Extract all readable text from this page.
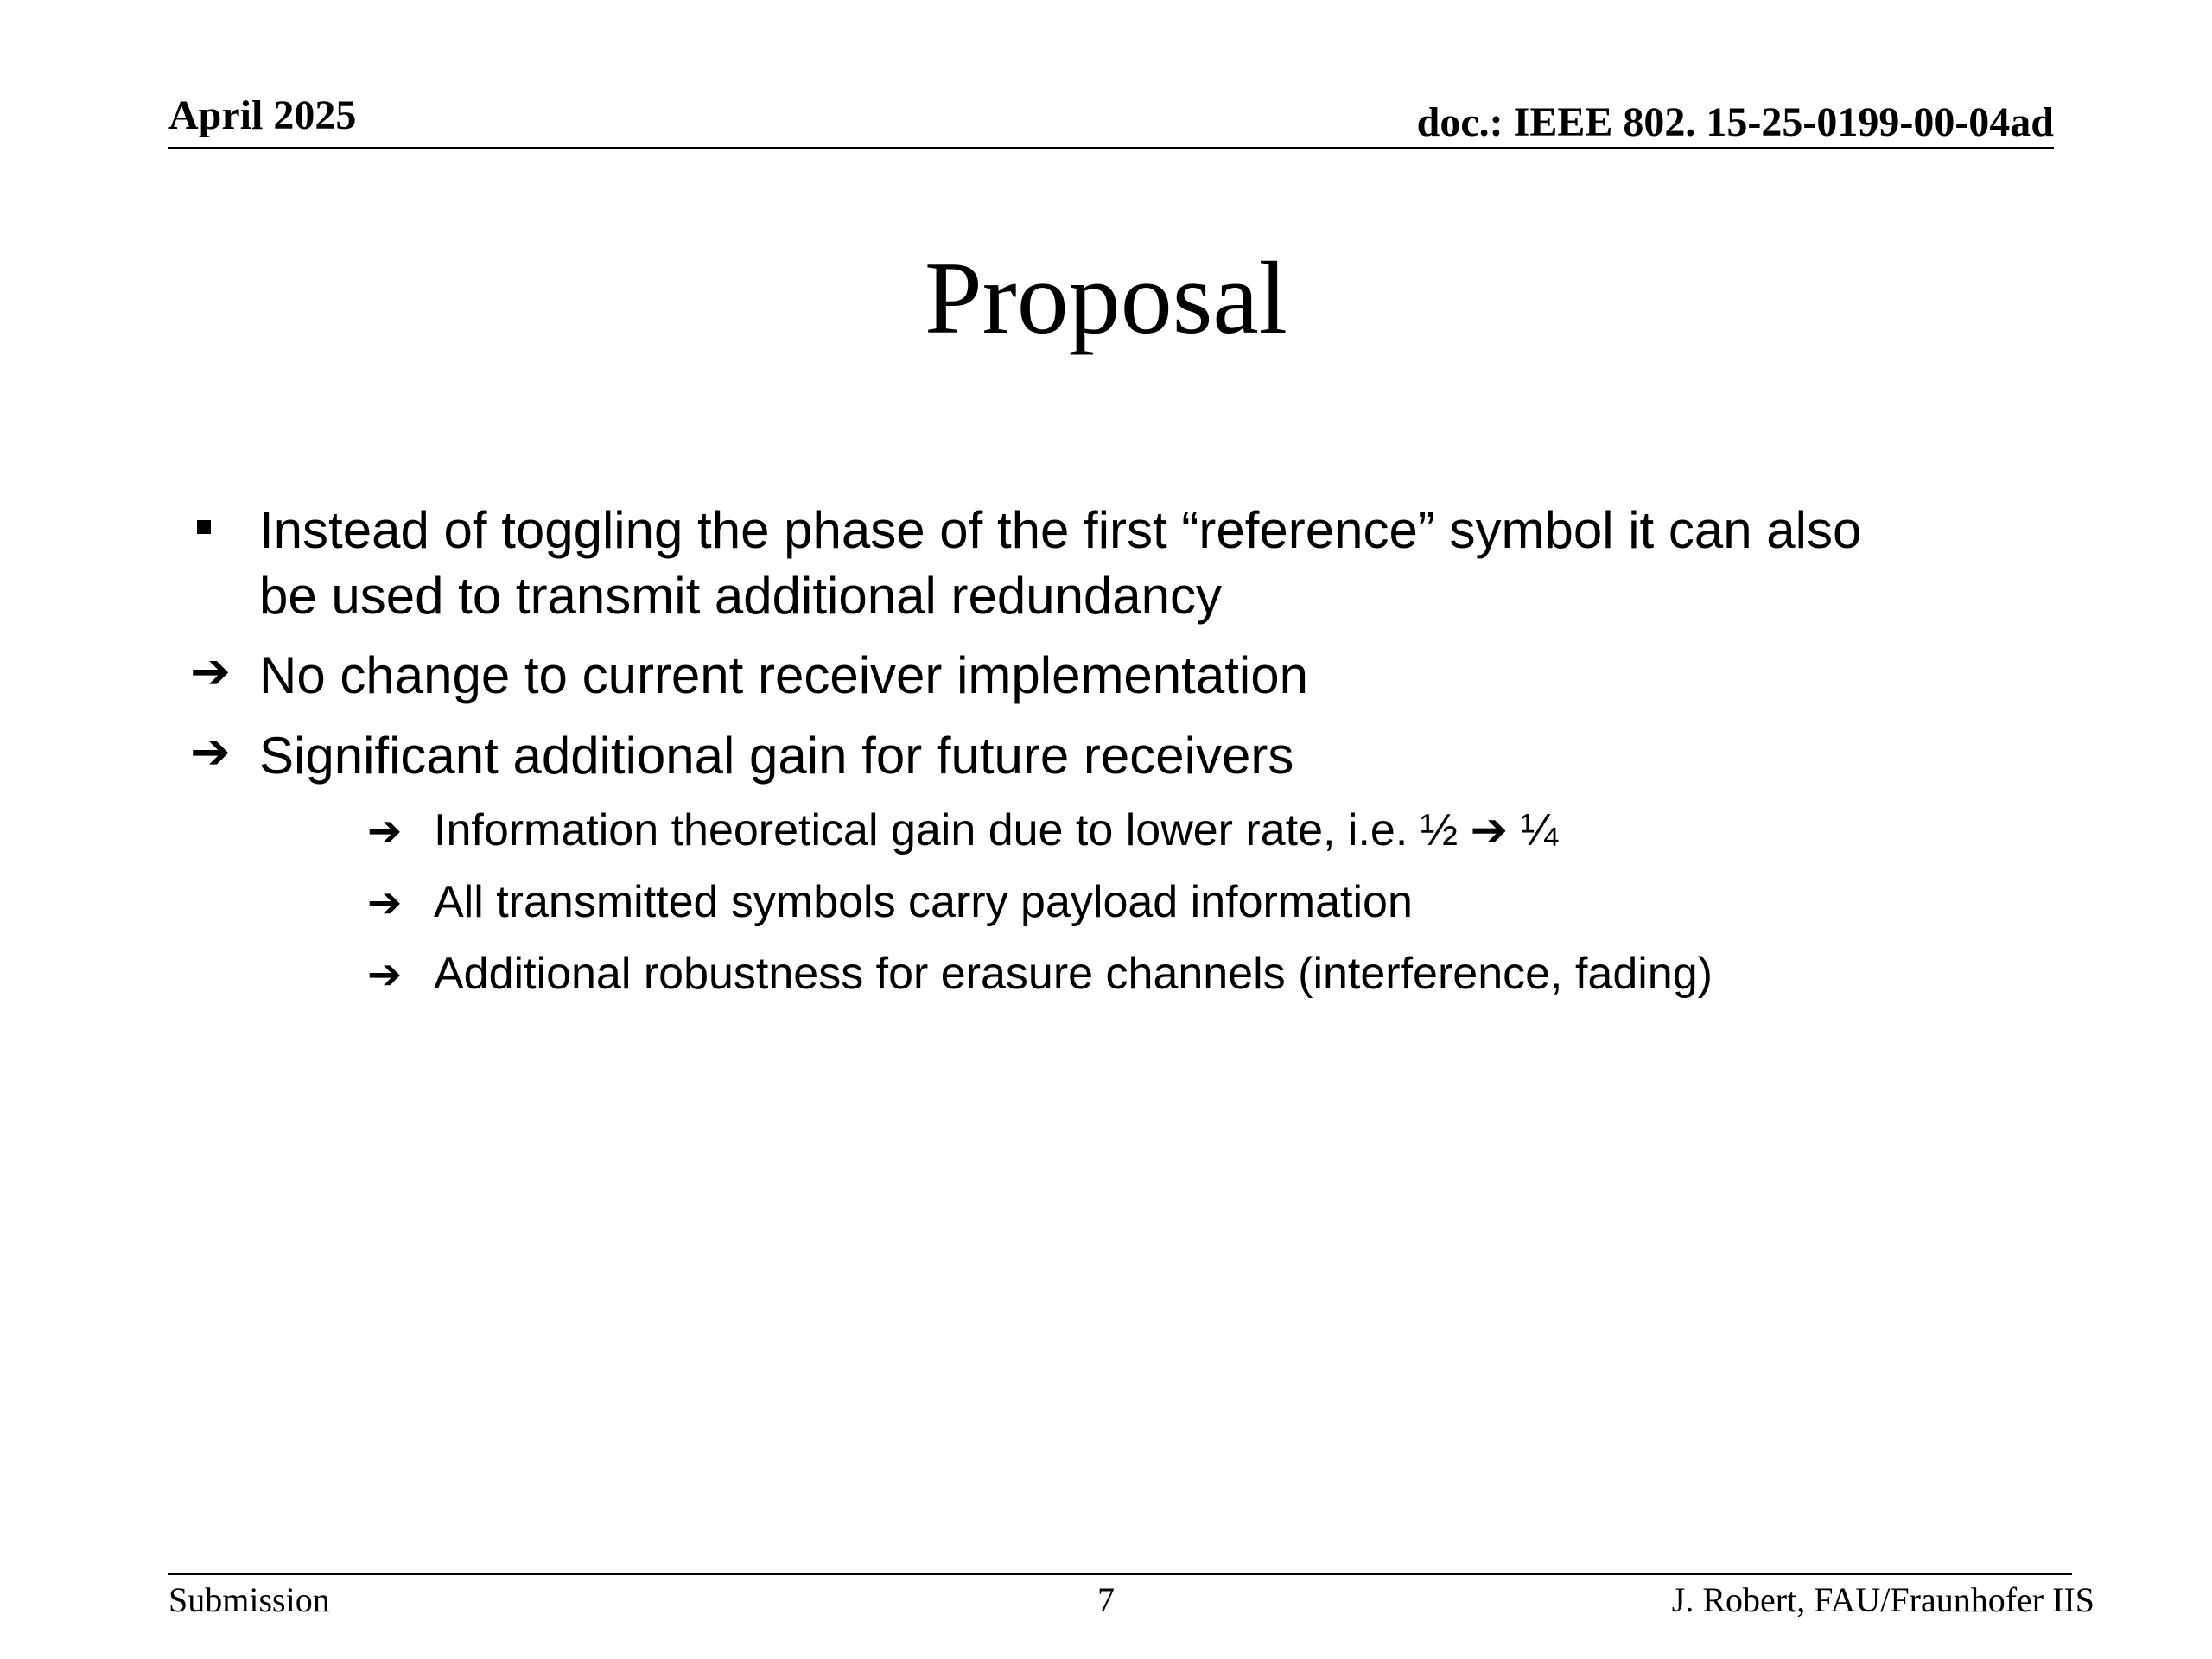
April 2025	doc.: IEEE 802. 15-25-0199-00-04ad
Proposal
Instead of toggling the phase of the first “reference” symbol it can also
be used to transmit additional redundancy
➔ No change to current receiver implementation
➔ Significant additional gain for future receivers
➔ Information theoretical gain due to lower rate, i.e. ½ ➔ ¼
➔ All transmitted symbols carry payload information
➔ Additional robustness for erasure channels (interference, fading)
Submission	7	J. Robert, FAU/Fraunhofer IIS
